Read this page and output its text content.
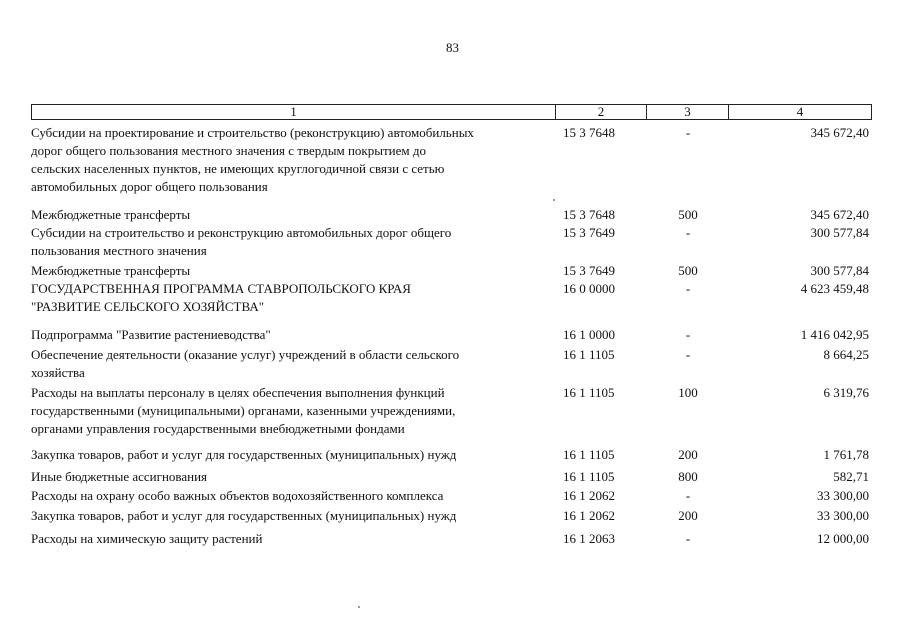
83
1	2	3	4
Субсидии на проектирование и строительство (реконструкцию) автомобильных
дорог общего пользования местного значения с твердым покрытием до
сельских населенных пунктов, не имеющих круглогодичной связи с сетью
автомобильных дорог общего пользования
15 3 7648	-	345 672,40
Межбюджетные трансферты	15 3 7648	500	345 672,40
Субсидии на строительство и реконструкцию автомобильных дорог общего
пользования местного значения
15 3 7649	-	300 577,84
Межбюджетные трансферты	15 3 7649	500	300 577,84
ГОСУДАРСТВЕННАЯ ПРОГРАММА СТАВРОПОЛЬСКОГО КРАЯ
"РАЗВИТИЕ СЕЛЬСКОГО ХОЗЯЙСТВА"
16 0 0000	-	4 623 459,48
Подпрограмма "Развитие растениеводства"	16 1 0000	-	1 416 042,95
Обеспечение деятельности (оказание услуг) учреждений в области сельского
хозяйства
16 1 1105	-	8 664,25
Расходы на выплаты персоналу в целях обеспечения выполнения функций
государственными (муниципальными) органами, казенными учреждениями,
органами управления государственными внебюджетными фондами
16 1 1105	100	6 319,76
Закупка товаров, работ и услуг для государственных (муниципальных) нужд	16 1 1105	200	1 761,78
Иные бюджетные ассигнования	16 1 1105	800	582,71
Расходы на охрану особо важных объектов водохозяйственного комплекса	16 1 2062	-	33 300,00
Закупка товаров, работ и услуг для государственных (муниципальных) нужд	16 1 2062	200	33 300,00
Расходы на химическую защиту растений	16 1 2063	-	12 000,00
